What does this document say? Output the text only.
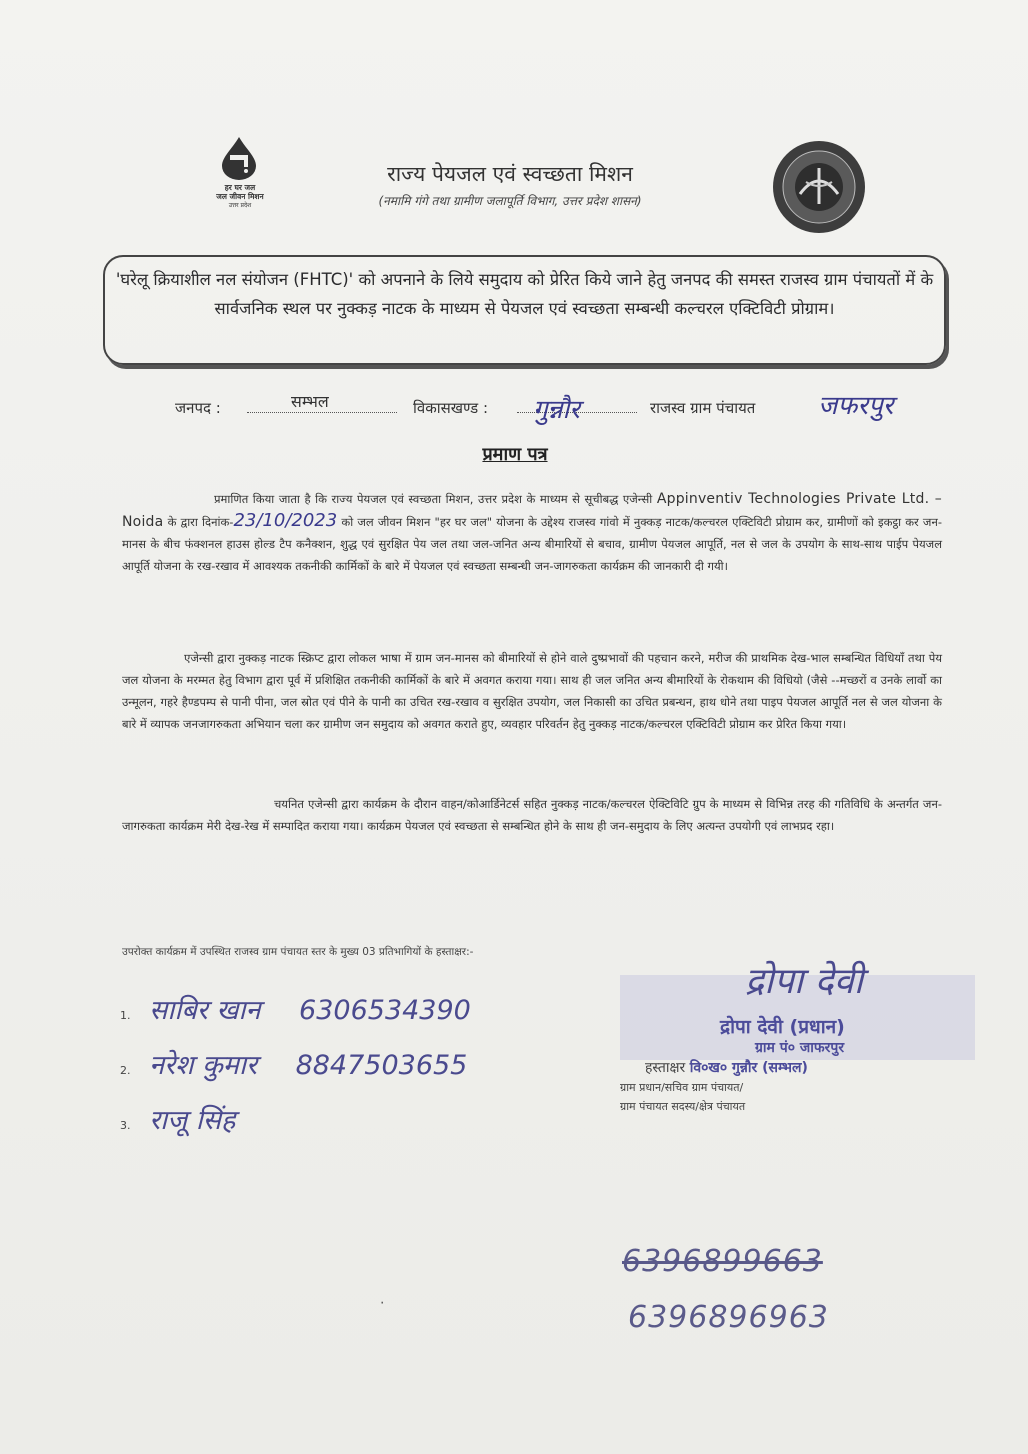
हर घर जल
जल जीवन मिशन
उत्तर प्रदेश
राज्य पेयजल एवं स्वच्छता मिशन
(नमामि गंगे तथा ग्रामीण जलापूर्ति विभाग, उत्तर प्रदेश शासन)
'घरेलू क्रियाशील नल संयोजन (FHTC)' को अपनाने के लिये समुदाय को प्रेरित किये जाने हेतु जनपद की समस्त राजस्व ग्राम पंचायतों में के सार्वजनिक स्थल पर नुक्कड़ नाटक के माध्यम से पेयजल एवं स्वच्छता सम्बन्धी कल्चरल एक्टिविटी प्रोग्राम।
जनपद :	सम्भल	विकासखण्ड : गुन्नौर	राजस्व ग्राम पंचायत जफरपुर
प्रमाण पत्र
प्रमाणित किया जाता है कि राज्य पेयजल एवं स्वच्छता मिशन, उत्तर प्रदेश के माध्यम से सूचीबद्ध एजेन्सी Appinventiv Technologies Private Ltd. – Noida के द्वारा दिनांक-23/10/2023 को जल जीवन मिशन "हर घर जल" योजना के उद्देश्य राजस्व गांवो में नुक्कड़ नाटक/कल्चरल एक्टिविटी प्रोग्राम कर, ग्रामीणों को इकट्ठा कर जन-मानस के बीच फंक्शनल हाउस होल्ड टैप कनैक्शन, शुद्ध एवं सुरक्षित पेय जल तथा जल-जनित अन्य बीमारियों से बचाव, ग्रामीण पेयजल आपूर्ति, नल से जल के उपयोग के साथ-साथ पाईप पेयजल आपूर्ति योजना के रख-रखाव में आवश्यक तकनीकी कार्मिकों के बारे में पेयजल एवं स्वच्छता सम्बन्धी जन-जागरुकता कार्यक्रम की जानकारी दी गयी।
एजेन्सी द्वारा नुक्कड़ नाटक स्क्रिप्ट द्वारा लोकल भाषा में ग्राम जन-मानस को बीमारियों से होने वाले दुष्प्रभावों की पहचान करने, मरीज की प्राथमिक देख-भाल सम्बन्धित विधियाँ तथा पेय जल योजना के मरम्मत हेतु विभाग द्वारा पूर्व में प्रशिक्षित तकनीकी कार्मिकों के बारे में अवगत कराया गया। साथ ही जल जनित अन्य बीमारियों के रोकथाम की विधियो (जैसे --मच्छरों व उनके लार्वो का उन्मूलन, गहरे हैण्डपम्प से पानी पीना, जल स्रोत एवं पीने के पानी का उचित रख-रखाव व सुरक्षित उपयोग, जल निकासी का उचित प्रबन्धन, हाथ धोने तथा पाइप पेयजल आपूर्ति नल से जल योजना के बारे में व्यापक जनजागरुकता अभियान चला कर ग्रामीण जन समुदाय को अवगत कराते हुए, व्यवहार परिवर्तन हेतु नुक्कड़ नाटक/कल्चरल एक्टिविटी प्रोग्राम कर प्रेरित किया गया।
चयनित एजेन्सी द्वारा कार्यक्रम के दौरान वाहन/कोआर्डिनेटर्स सहित नुक्कड़ नाटक/कल्चरल ऐक्टिविटि ग्रुप के माध्यम से विभिन्न तरह की गतिविधि के अन्तर्गत जन-जागरुकता कार्यक्रम मेरी देख-रेख में सम्पादित कराया गया। कार्यक्रम पेयजल एवं स्वच्छता से सम्बन्धित होने के साथ ही जन-समुदाय के लिए अत्यन्त उपयोगी एवं लाभप्रद रहा।
उपरोक्त कार्यक्रम में उपस्थित राजस्व ग्राम पंचायत स्तर के मुख्य 03 प्रतिभागियों के हस्ताक्षर:-
1. साबिर खान 6306534390
2. नरेश कुमार 8847503655
3. राजू सिंह
द्रोपा देवी
द्रोपा देवी (प्रधान)
ग्राम पं० जाफरपुर
हस्ताक्षर वि०ख० गुन्नौर (सम्भल)
ग्राम प्रधान/सचिव ग्राम पंचायत/
ग्राम पंचायत सदस्य/क्षेत्र पंचायत
6396899663
6396896963
‧
